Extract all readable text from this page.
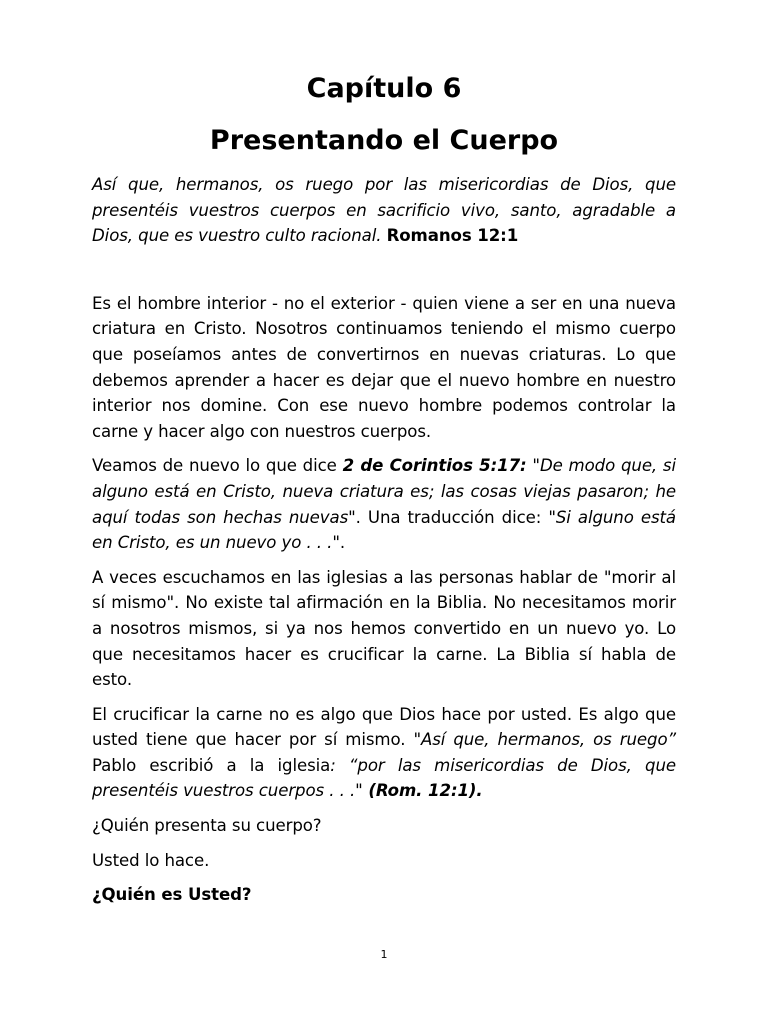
Capítulo 6
Presentando el Cuerpo

Así que, hermanos, os ruego por las misericordias de Dios, que presentéis vuestros cuerpos en sacrificio vivo, santo, agradable a Dios, que es vuestro culto racional. Romanos 12:1

Es el hombre interior - no el exterior - quien viene a ser en una nueva criatura en Cristo. Nosotros continuamos teniendo el mismo cuerpo que poseíamos antes de convertirnos en nuevas criaturas. Lo que debemos aprender a hacer es dejar que el nuevo hombre en nuestro interior nos domine. Con ese nuevo hombre podemos controlar la carne y hacer algo con nuestros cuerpos.

Veamos de nuevo lo que dice 2 de Corintios 5:17: "De modo que, si alguno está en Cristo, nueva criatura es; las cosas viejas pasaron; he aquí todas son hechas nuevas". Una traducción dice: "Si alguno está en Cristo, es un nuevo yo . . .".

A veces escuchamos en las iglesias a las personas hablar de "morir al sí mismo". No existe tal afirmación en la Biblia. No necesitamos morir a nosotros mismos, si ya nos hemos convertido en un nuevo yo. Lo que necesitamos hacer es crucificar la carne. La Biblia sí habla de esto.

El crucificar la carne no es algo que Dios hace por usted. Es algo que usted tiene que hacer por sí mismo. "Así que, hermanos, os ruego” Pablo escribió a la iglesia: “por las misericordias de Dios, que presentéis vuestros cuerpos . . ." (Rom. 12:1).

¿Quién presenta su cuerpo?

Usted lo hace.

¿Quién es Usted?

1
